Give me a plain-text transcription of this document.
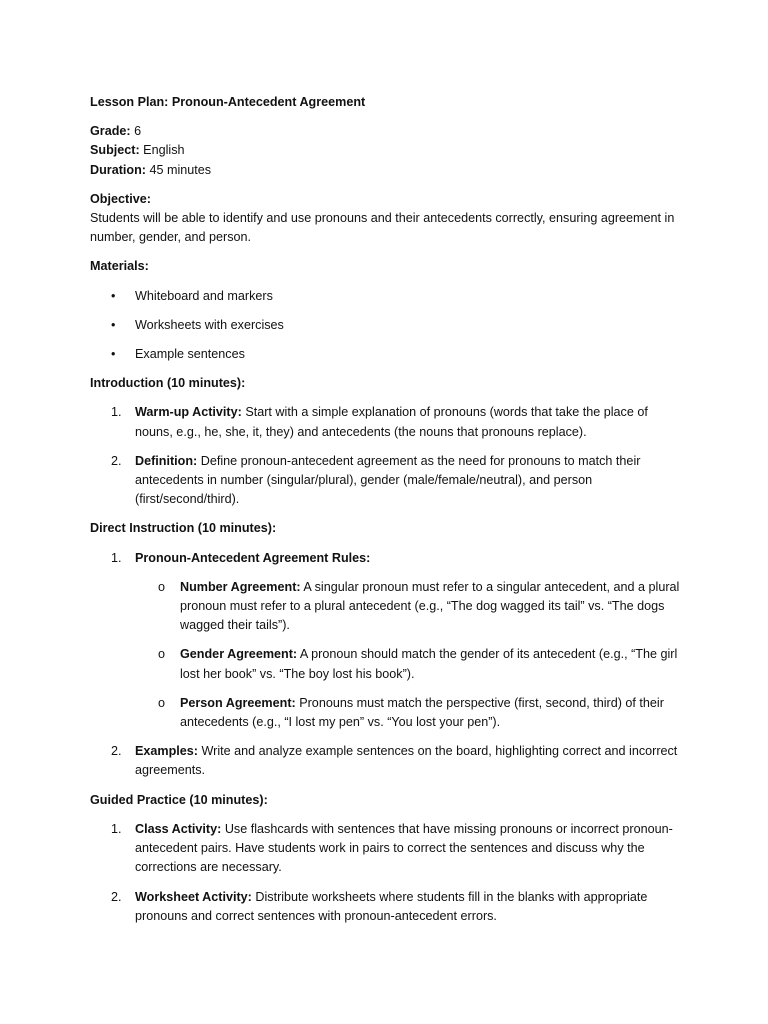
Lesson Plan: Pronoun-Antecedent Agreement

Grade: 6

Subject: English

Duration: 45 minutes

Objective:

Students will be able to identify and use pronouns and their antecedents correctly, ensuring agreement in number, gender, and person.

Materials:

• Whiteboard and markers
• Worksheets with exercises
• Example sentences

Introduction (10 minutes):

1. Warm-up Activity: Start with a simple explanation of pronouns (words that take the place of nouns, e.g., he, she, it, they) and antecedents (the nouns that pronouns replace).
2. Definition: Define pronoun-antecedent agreement as the need for pronouns to match their antecedents in number (singular/plural), gender (male/female/neutral), and person (first/second/third).

Direct Instruction (10 minutes):

1. Pronoun-Antecedent Agreement Rules:
o Number Agreement: A singular pronoun must refer to a singular antecedent, and a plural pronoun must refer to a plural antecedent (e.g., “The dog wagged its tail” vs. “The dogs wagged their tails”).
o Gender Agreement: A pronoun should match the gender of its antecedent (e.g., “The girl lost her book” vs. “The boy lost his book”).
o Person Agreement: Pronouns must match the perspective (first, second, third) of their antecedents (e.g., “I lost my pen” vs. “You lost your pen”).
2. Examples: Write and analyze example sentences on the board, highlighting correct and incorrect agreements.

Guided Practice (10 minutes):

1. Class Activity: Use flashcards with sentences that have missing pronouns or incorrect pronoun-antecedent pairs. Have students work in pairs to correct the sentences and discuss why the corrections are necessary.
2. Worksheet Activity: Distribute worksheets where students fill in the blanks with appropriate pronouns and correct sentences with pronoun-antecedent errors.
